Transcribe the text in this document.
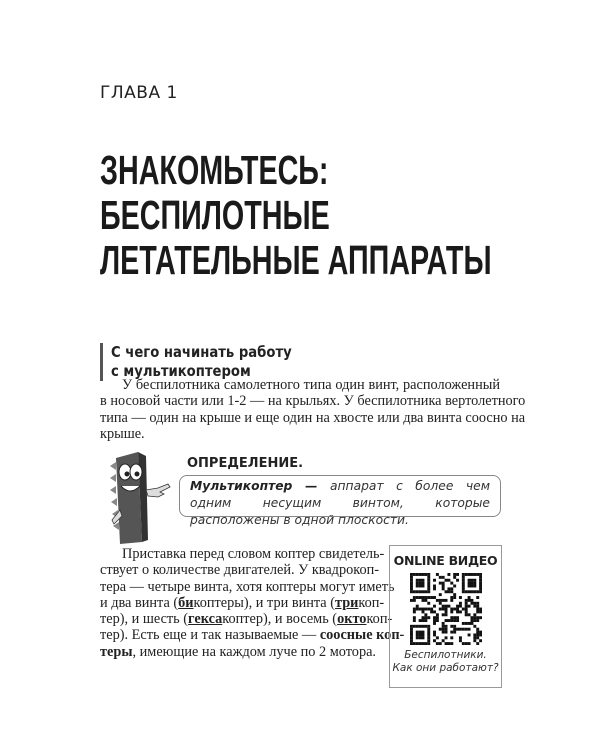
ГЛАВА 1
ЗНАКОМЬТЕСЬ:
БЕСПИЛОТНЫЕ
ЛЕТАТЕЛЬНЫЕ АППАРАТЫ
С чего начинать работу
с мультикоптером
У беспилотника самолетного типа один винт, расположенный
в носовой части или 1-2 — на крыльях. У беспилотника вертолетного
типа — один на крыше и еще один на хвосте или два винта соосно на
крыше.
ОПРЕДЕЛЕНИЕ.
Мультикоптер — аппарат с более чем одним несущим винтом, которые расположены в одной плоскости.
Приставка перед словом коптер свидетель-
ствует о количестве двигателей. У квадрокоп-
тера — четыре винта, хотя коптеры могут иметь
и два винта (бикоптеры), и три винта (трикоп-
тер), и шесть (гексакоптер), и восемь (октокоп-
тер). Есть еще и так называемые — соосные коп-
теры, имеющие на каждом луче по 2 мотора.
ONLINE ВИДЕО
Беспилотники.
Как они работают?
